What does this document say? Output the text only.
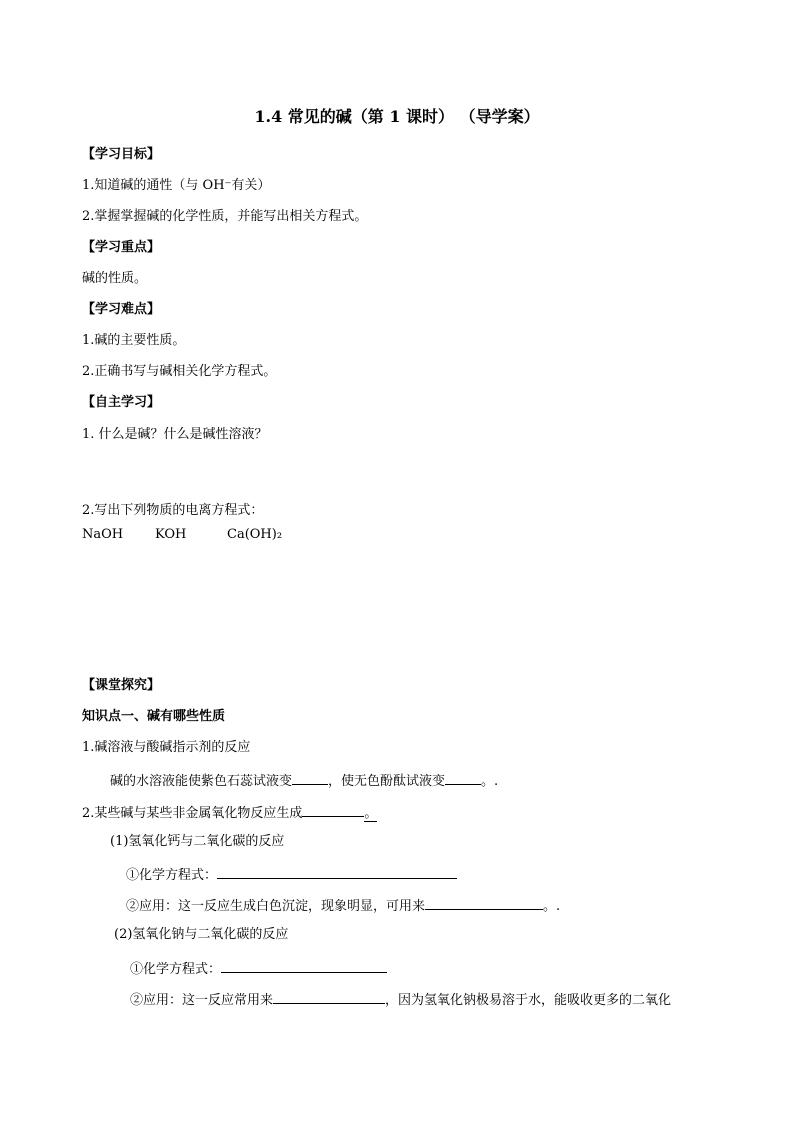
1.4 常见的碱（第 1 课时） （导学案）
【学习目标】
1.知道碱的通性（与 OH⁻有关）
2.掌握掌握碱的化学性质，并能写出相关方程式。
【学习重点】
碱的性质。
【学习难点】
1.碱的主要性质。
2.正确书写与碱相关化学方程式。
【自主学习】
1. 什么是碱？什么是碱性溶液？
2.写出下列物质的电离方程式：
NaOH KOH	Ca(OH)₂
【课堂探究】
知识点一、碱有哪些性质
1.碱溶液与酸碱指示剂的反应
碱的水溶液能使紫色石蕊试液变	，使无色酚酞试液变	。.
2.某些碱与某些非金属氧化物反应生成	。
(1)氢氧化钙与二氧化碳的反应
①化学方程式：
②应用：这一反应生成白色沉淀，现象明显，可用来	。.
(2)氢氧化钠与二氧化碳的反应
①化学方程式：
②应用：这一反应常用来	，因为氢氧化钠极易溶于水，能吸收更多的二氧化
